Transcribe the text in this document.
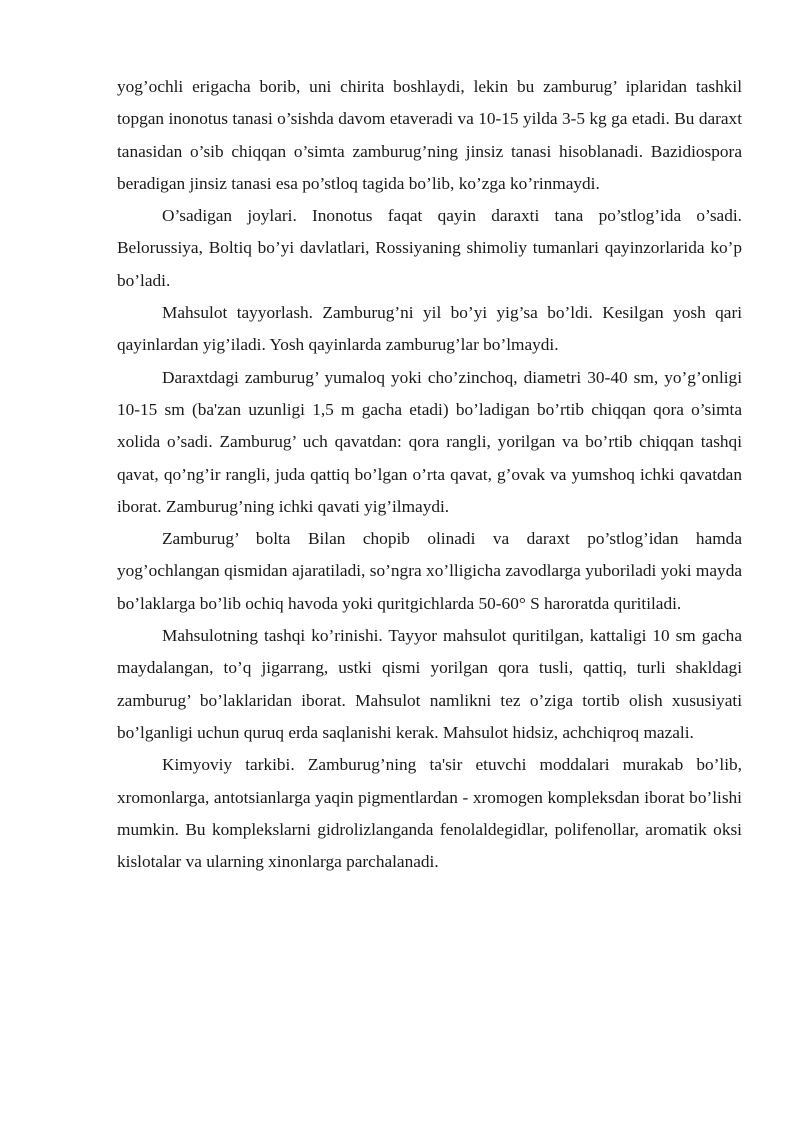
yog’ochli erigacha borib, uni chirita boshlaydi, lekin bu zamburug’ iplaridan tashkil topgan inonotus tanasi o’sishda davom etaveradi va 10-15 yilda 3-5 kg ga etadi. Bu daraxt tanasidan o’sib chiqqan o’simta zamburug’ning jinsiz tanasi hisoblanadi. Bazidiospora beradigan jinsiz tanasi esa po’stloq tagida bo’lib, ko’zga ko’rinmaydi.

O’sadigan joylari. Inonotus faqat qayin daraxti tana po’stlog’ida o’sadi. Belorussiya, Boltiq bo’yi davlatlari, Rossiyaning shimoliy tumanlari qayinzorlarida ko’p bo’ladi.

Mahsulot tayyorlash. Zamburug’ni yil bo’yi yig’sa bo’ldi. Kesilgan yosh qari qayinlardan yig’iladi. Yosh qayinlarda zamburug’lar bo’lmaydi.

Daraxtdagi zamburug’ yumaloq yoki cho’zinchoq, diametri 30-40 sm, yo’g’onligi 10-15 sm (ba'zan uzunligi 1,5 m gacha etadi) bo’ladigan bo’rtib chiqqan qora o’simta xolida o’sadi. Zamburug’ uch qavatdan: qora rangli, yorilgan va bo’rtib chiqqan tashqi qavat, qo’ng’ir rangli, juda qattiq bo’lgan o’rta qavat, g’ovak va yumshoq ichki qavatdan iborat. Zamburug’ning ichki qavati yig’ilmaydi.

Zamburug’ bolta Bilan chopib olinadi va daraxt po’stlog’idan hamda yog’ochlangan qismidan ajaratiladi, so’ngra xo’lligicha zavodlarga yuboriladi yoki mayda bo’laklarga bo’lib ochiq havoda yoki quritgichlarda 50-60° S haroratda quritiladi.

Mahsulotning tashqi ko’rinishi. Tayyor mahsulot quritilgan, kattaligi 10 sm gacha maydalangan, to’q jigarrang, ustki qismi yorilgan qora tusli, qattiq, turli shakldagi zamburug’ bo’laklaridan iborat. Mahsulot namlikni tez o’ziga tortib olish xususiyati bo’lganligi uchun quruq erda saqlanishi kerak. Mahsulot hidsiz, achchiqroq mazali.

Kimyoviy tarkibi. Zamburug’ning ta'sir etuvchi moddalari murakab bo’lib, xromonlarga, antotsianlarga yaqin pigmentlardan - xromogen kompleksdan iborat bo’lishi mumkin. Bu komplekslarni gidrolizlanganda fenolaldegidlar, polifenollar, aromatik oksi kislotalar va ularning xinonlarga parchalanadi.
